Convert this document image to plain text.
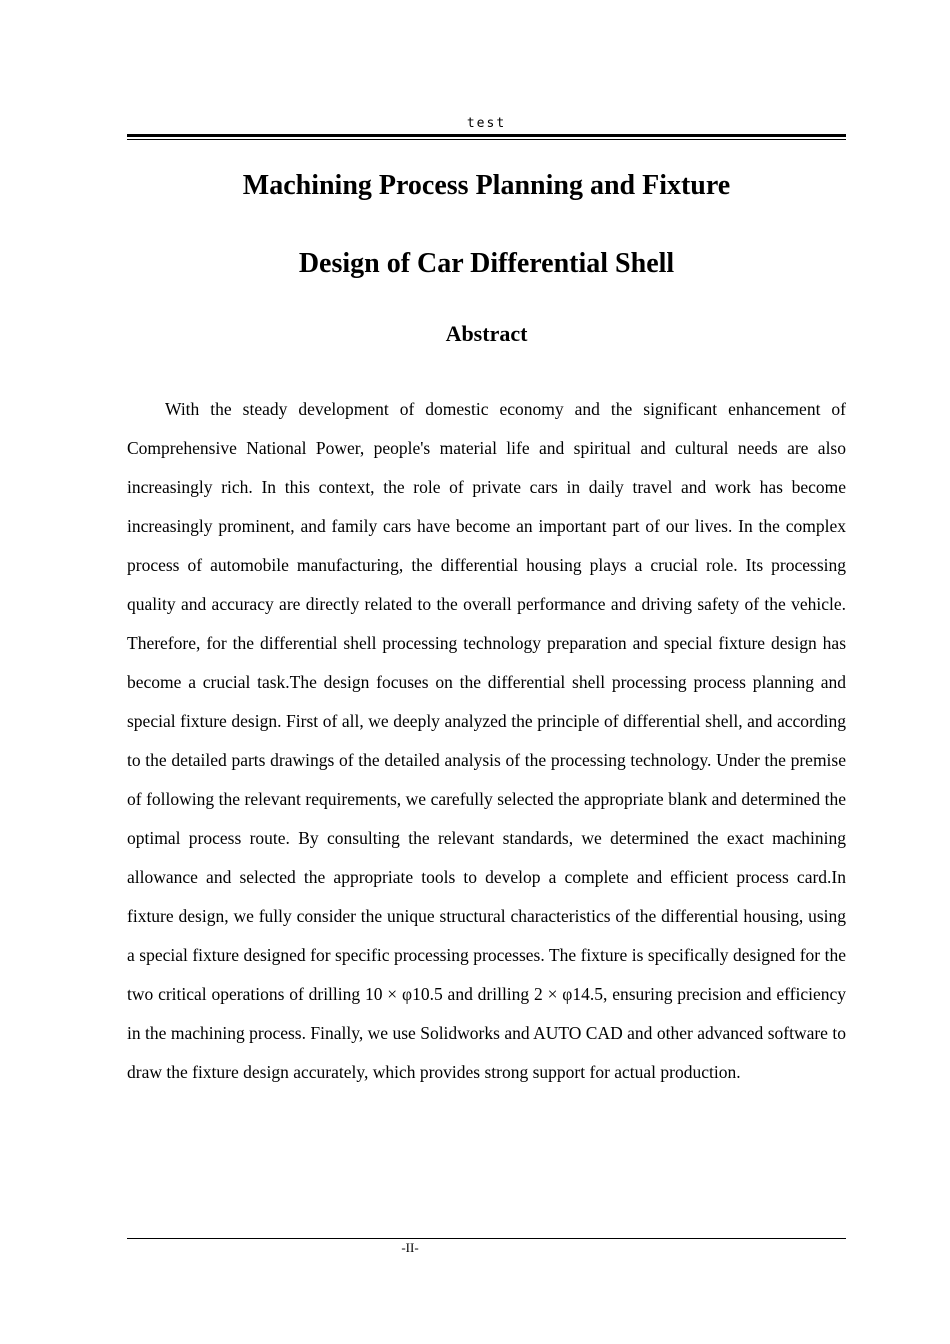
test
Machining Process Planning and Fixture
Design of Car Differential Shell
Abstract

With the steady development of domestic economy and the significant enhancement of Comprehensive National Power, people's material life and spiritual and cultural needs are also increasingly rich. In this context, the role of private cars in daily travel and work has become increasingly prominent, and family cars have become an important part of our lives. In the complex process of automobile manufacturing, the differential housing plays a crucial role. Its processing quality and accuracy are directly related to the overall performance and driving safety of the vehicle. Therefore, for the differential shell processing technology preparation and special fixture design has become a crucial task.The design focuses on the differential shell processing process planning and special fixture design. First of all, we deeply analyzed the principle of differential shell, and according to the detailed parts drawings of the detailed analysis of the processing technology. Under the premise of following the relevant requirements, we carefully selected the appropriate blank and determined the optimal process route. By consulting the relevant standards, we determined the exact machining allowance and selected the appropriate tools to develop a complete and efficient process card.In fixture design, we fully consider the unique structural characteristics of the differential housing, using a special fixture designed for specific processing processes. The fixture is specifically designed for the two critical operations of drilling 10 × φ10.5 and drilling 2 × φ14.5, ensuring precision and efficiency in the machining process. Finally, we use Solidworks and AUTO CAD and other advanced software to draw the fixture design accurately, which provides strong support for actual production.

-II-
